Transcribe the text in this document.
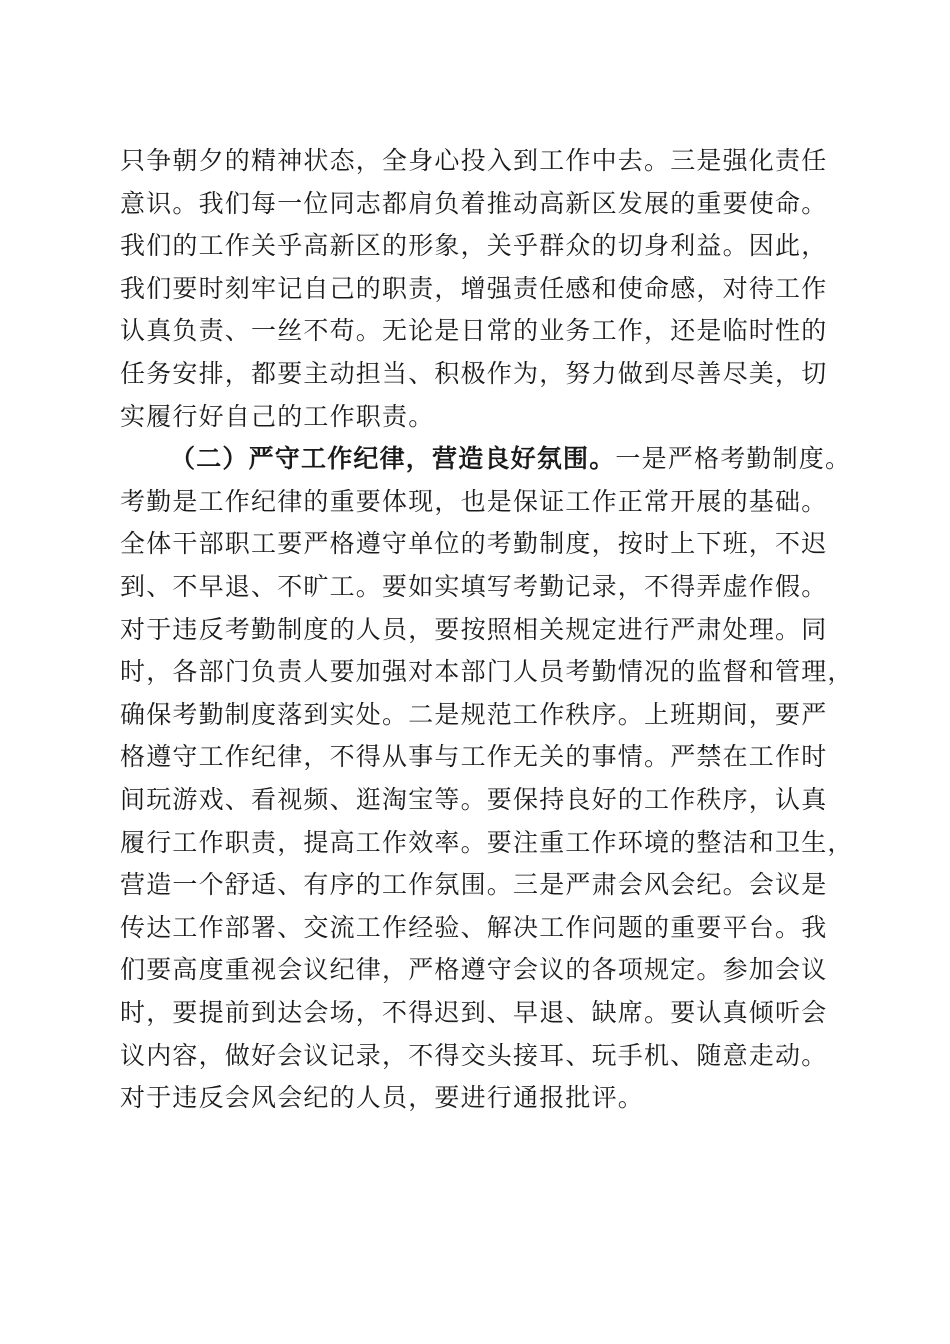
只争朝夕的精神状态，全身心投入到工作中去。三是强化责任
意识。我们每一位同志都肩负着推动高新区发展的重要使命。
我们的工作关乎高新区的形象，关乎群众的切身利益。因此，
我们要时刻牢记自己的职责，增强责任感和使命感，对待工作
认真负责、一丝不苟。无论是日常的业务工作，还是临时性的
任务安排，都要主动担当、积极作为，努力做到尽善尽美，切
实履行好自己的工作职责。
（二）严守工作纪律，营造良好氛围。一是严格考勤制度。
考勤是工作纪律的重要体现，也是保证工作正常开展的基础。
全体干部职工要严格遵守单位的考勤制度，按时上下班，不迟
到、不早退、不旷工。要如实填写考勤记录，不得弄虚作假。
对于违反考勤制度的人员，要按照相关规定进行严肃处理。同
时，各部门负责人要加强对本部门人员考勤情况的监督和管理，
确保考勤制度落到实处。二是规范工作秩序。上班期间，要严
格遵守工作纪律，不得从事与工作无关的事情。严禁在工作时
间玩游戏、看视频、逛淘宝等。要保持良好的工作秩序，认真
履行工作职责，提高工作效率。要注重工作环境的整洁和卫生，
营造一个舒适、有序的工作氛围。三是严肃会风会纪。会议是
传达工作部署、交流工作经验、解决工作问题的重要平台。我
们要高度重视会议纪律，严格遵守会议的各项规定。参加会议
时，要提前到达会场，不得迟到、早退、缺席。要认真倾听会
议内容，做好会议记录，不得交头接耳、玩手机、随意走动。
对于违反会风会纪的人员，要进行通报批评。
